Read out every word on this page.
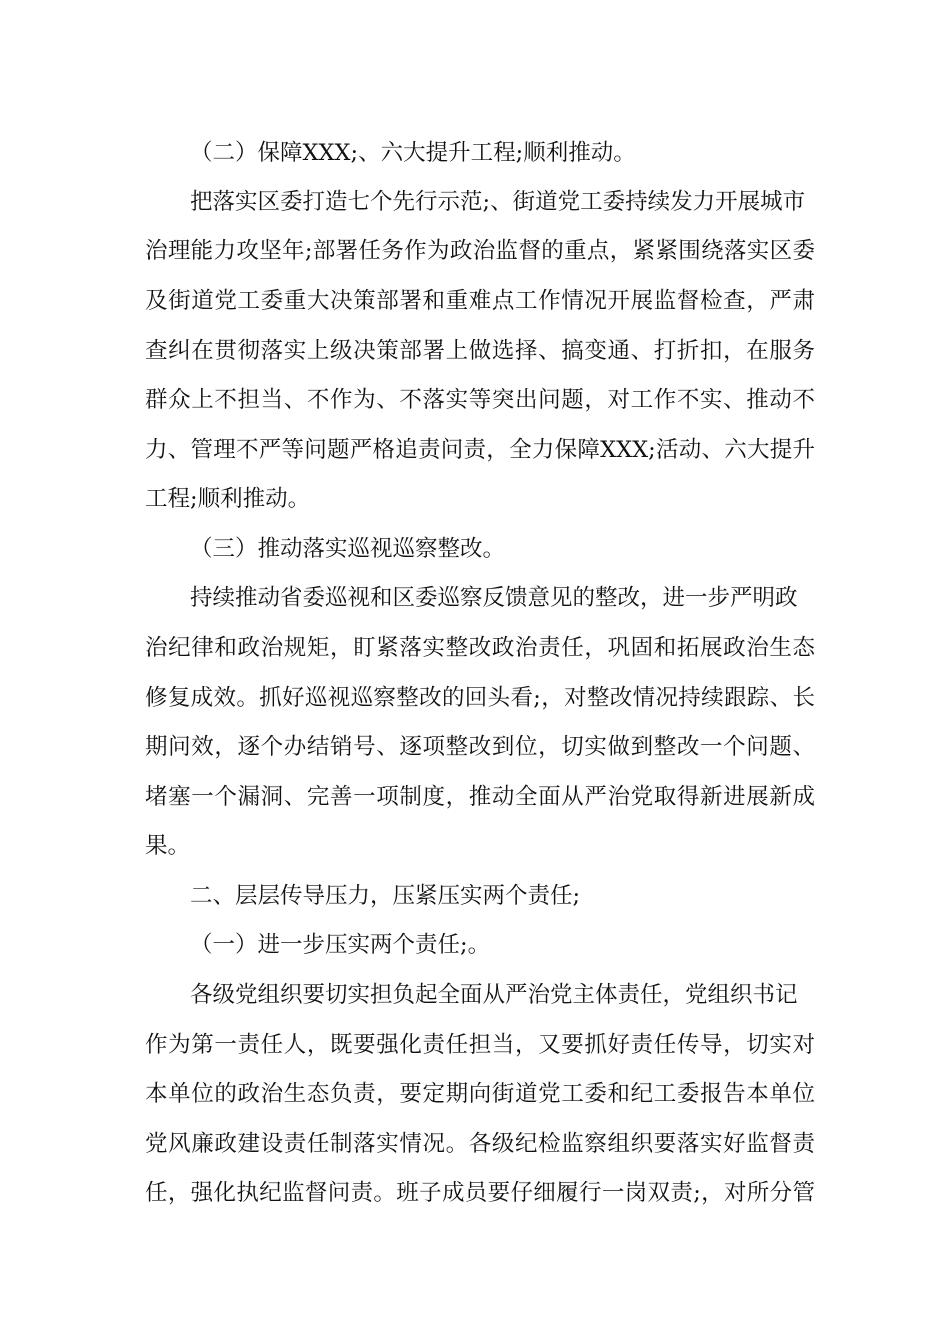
（二）保障XXX;、六大提升工程;顺利推动。

把落实区委打造七个先行示范;、街道党工委持续发力开展城市

治理能力攻坚年;部署任务作为政治监督的重点，紧紧围绕落实区委

及街道党工委重大决策部署和重难点工作情况开展监督检查，严肃

查纠在贯彻落实上级决策部署上做选择、搞变通、打折扣，在服务

群众上不担当、不作为、不落实等突出问题，对工作不实、推动不

力、管理不严等问题严格追责问责，全力保障XXX;活动、六大提升

工程;顺利推动。

（三）推动落实巡视巡察整改。

持续推动省委巡视和区委巡察反馈意见的整改，进一步严明政

治纪律和政治规矩，盯紧落实整改政治责任，巩固和拓展政治生态

修复成效。抓好巡视巡察整改的回头看;，对整改情况持续跟踪、长

期问效，逐个办结销号、逐项整改到位，切实做到整改一个问题、

堵塞一个漏洞、完善一项制度，推动全面从严治党取得新进展新成

果。

二、层层传导压力，压紧压实两个责任;

（一）进一步压实两个责任;。

各级党组织要切实担负起全面从严治党主体责任，党组织书记

作为第一责任人，既要强化责任担当，又要抓好责任传导，切实对

本单位的政治生态负责，要定期向街道党工委和纪工委报告本单位

党风廉政建设责任制落实情况。各级纪检监察组织要落实好监督责

任，强化执纪监督问责。班子成员要仔细履行一岗双责;，对所分管
